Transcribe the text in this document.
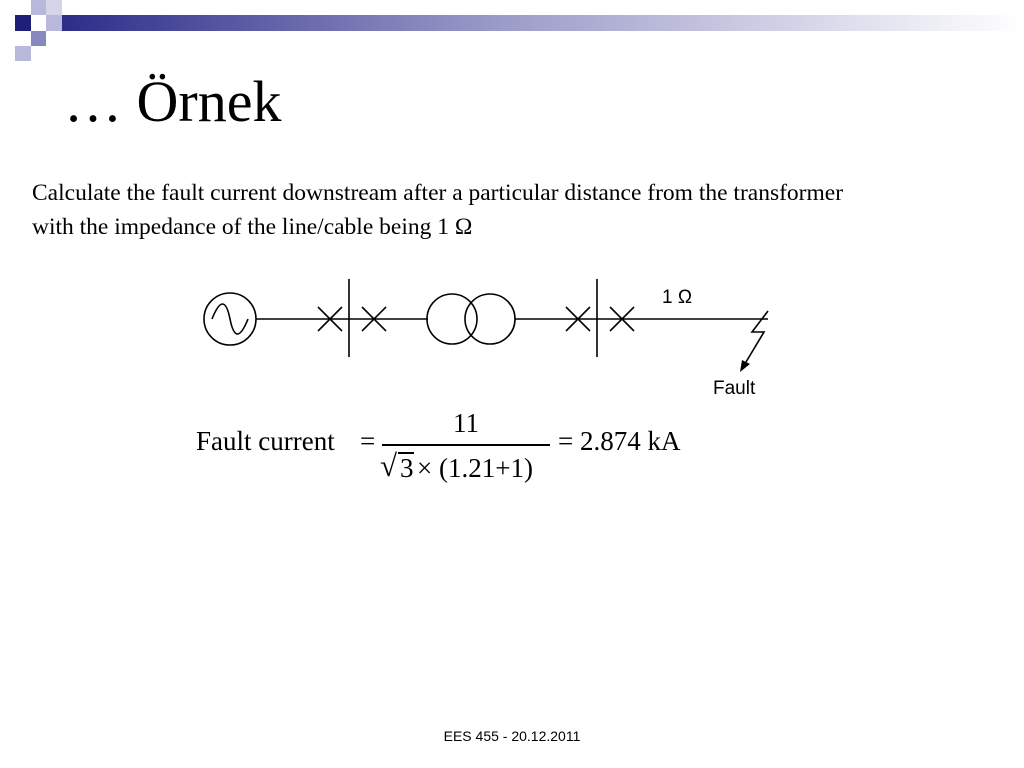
… Örnek

Calculate the fault current downstream after a particular distance from the transformer
with the impedance of the line/cable being 1 Ω

1 Ω
Fault
Fault current =
11
√ 3 × (1.21+1)
= 2.874 kA
EES 455 - 20.12.2011
